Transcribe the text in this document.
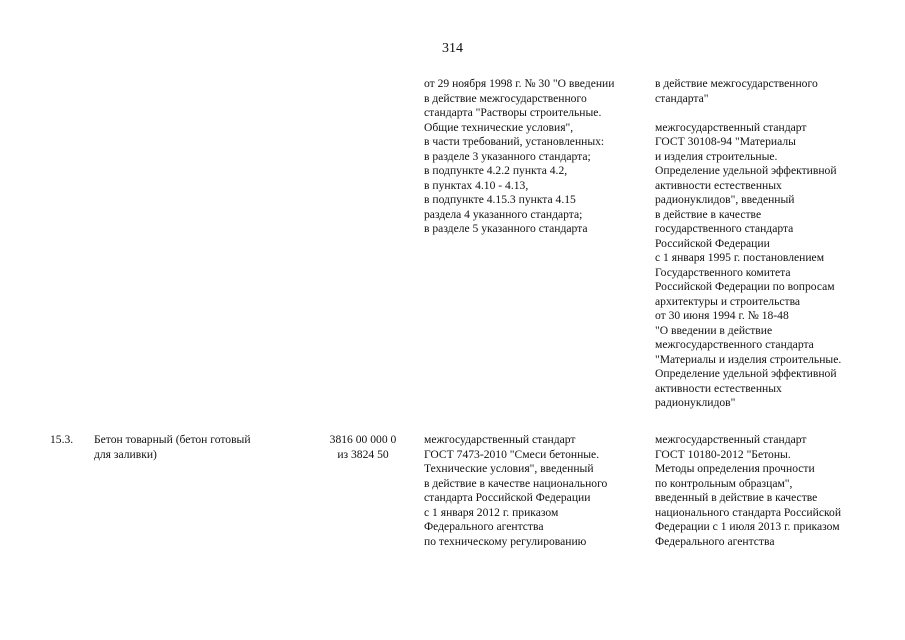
314
от 29 ноября 1998 г. № 30 "О введении
в действие межгосударственного
стандарта "Растворы строительные.
Общие технические условия",
в части требований, установленных:
в разделе 3 указанного стандарта;
в подпункте 4.2.2 пункта 4.2,
в пунктах 4.10 - 4.13,
в подпункте 4.15.3 пункта 4.15
раздела 4 указанного стандарта;
в разделе 5 указанного стандарта
в действие межгосударственного
стандарта"
межгосударственный стандарт
ГОСТ 30108-94 "Материалы
и изделия строительные.
Определение удельной эффективной
активности естественных
радионуклидов", введенный
в действие в качестве
государственного стандарта
Российской Федерации
с 1 января 1995 г. постановлением
Государственного комитета
Российской Федерации по вопросам
архитектуры и строительства
от 30 июня 1994 г. № 18-48
"О введении в действие
межгосударственного стандарта
"Материалы и изделия строительные.
Определение удельной эффективной
активности естественных
радионуклидов"
15.3. Бетон товарный (бетон готовый
для заливки)
3816 00 000 0
из 3824 50
межгосударственный стандарт
ГОСТ 7473-2010 "Смеси бетонные.
Технические условия", введенный
в действие в качестве национального
стандарта Российской Федерации
с 1 января 2012 г. приказом
Федерального агентства
по техническому регулированию
межгосударственный стандарт
ГОСТ 10180-2012 "Бетоны.
Методы определения прочности
по контрольным образцам",
введенный в действие в качестве
национального стандарта Российской
Федерации с 1 июля 2013 г. приказом
Федерального агентства
